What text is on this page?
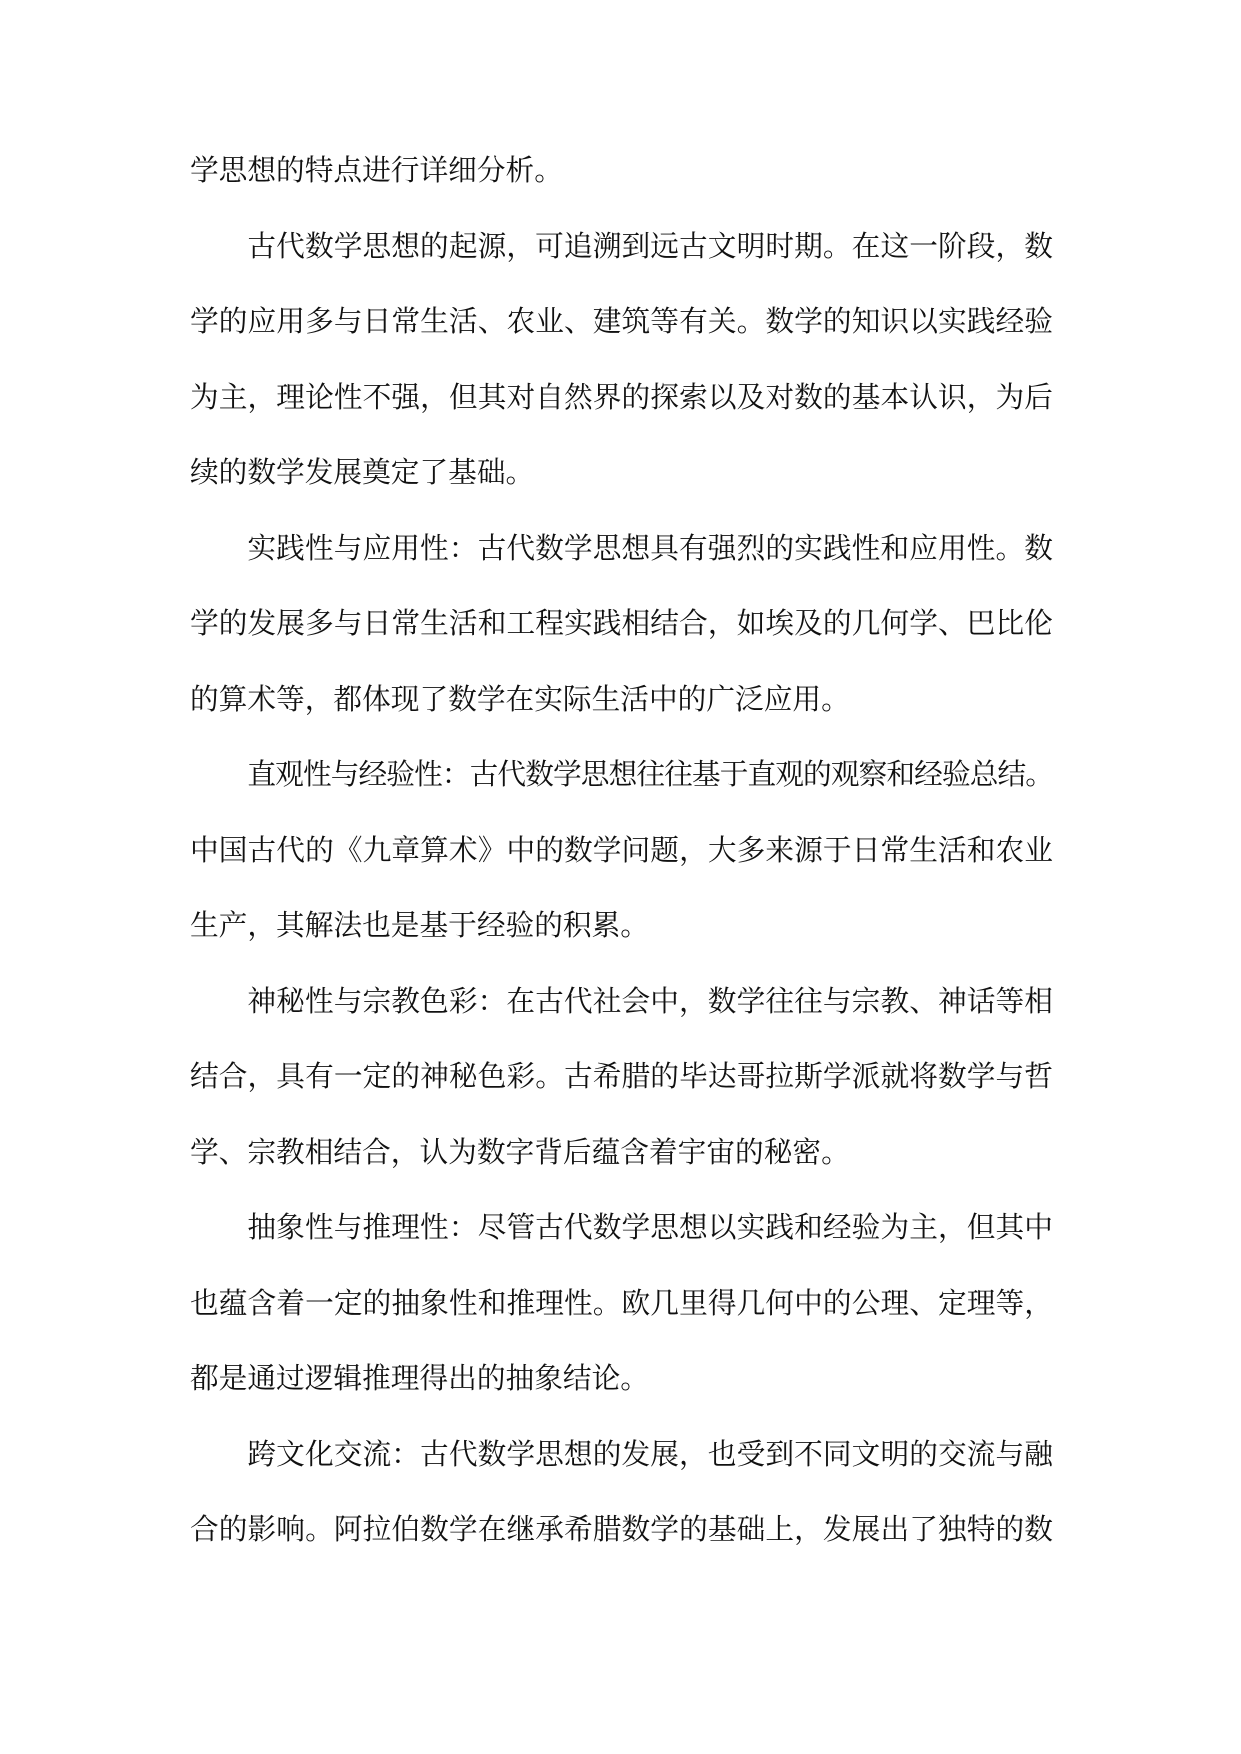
学思想的特点进行详细分析。
古代数学思想的起源，可追溯到远古文明时期。在这一阶段，数
学的应用多与日常生活、农业、建筑等有关。数学的知识以实践经验
为主，理论性不强，但其对自然界的探索以及对数的基本认识，为后
续的数学发展奠定了基础。
实践性与应用性：古代数学思想具有强烈的实践性和应用性。数
学的发展多与日常生活和工程实践相结合，如埃及的几何学、巴比伦
的算术等，都体现了数学在实际生活中的广泛应用。
直观性与经验性：古代数学思想往往基于直观的观察和经验总结。
中国古代的《九章算术》中的数学问题，大多来源于日常生活和农业
生产，其解法也是基于经验的积累。
神秘性与宗教色彩：在古代社会中，数学往往与宗教、神话等相
结合，具有一定的神秘色彩。古希腊的毕达哥拉斯学派就将数学与哲
学、宗教相结合，认为数字背后蕴含着宇宙的秘密。
抽象性与推理性：尽管古代数学思想以实践和经验为主，但其中
也蕴含着一定的抽象性和推理性。欧几里得几何中的公理、定理等，
都是通过逻辑推理得出的抽象结论。
跨文化交流：古代数学思想的发展，也受到不同文明的交流与融
合的影响。阿拉伯数学在继承希腊数学的基础上，发展出了独特的数
